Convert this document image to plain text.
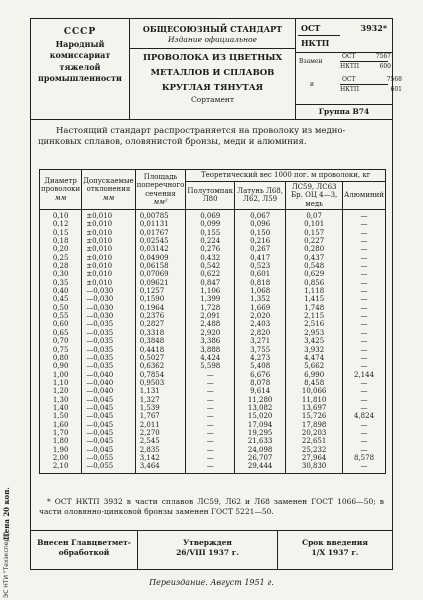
СССР
Народный
комиссариат
тяжелой
промышленности
ОБЩЕСОЮЗНЫЙ СТАНДАРТ
Издание официальное
ПРОВОЛОКА ИЗ ЦВЕТНЫХ
МЕТАЛЛОВ И СПЛАВОВ
КРУГЛАЯ ТЯНУТАЯ
Сортамент
ОСТ	3932*
НКТП
Взамен
ОСТ	7567
НКТП	600
и
ОСТ	7568
НКТП	601
Группа В74
Настоящий стандарт распространяется на проволоку из медно-цинковых сплавов, оловянистой бронзы, меди и алюминия.
Диаметр проволоки
мм	Допускаемые отклонения
мм	Площадь поперечного сечения
мм²	Теоретический вес 1000 пог. м проволоки, кг			
			Полутомпак Л80	Латунь Л68, Л62, Л59	ЛС59, ЛС63 Бр. ОЦ 4—3, медь	Алюминий
0,10	±0,010	0,00785	0,069	0,067	0,07	—
0,12	±0,010	0,01131	0,099	0,096	0,101	—
0,15	±0,010	0,01767	0,155	0,150	0,157	—
0,18	±0,010	0,02545	0,224	0,216	0,227	—
0,20	±0,010	0,03142	0,276	0,267	0,280	—
0,25	±0,010	0,04909	0,432	0,417	0,437	—
0,28	±0,010	0,06158	0,542	0,523	0,548	—
0,30	±0,010	0,07069	0,622	0,601	0,629	—
0,35	±0,010	0,09621	0,847	0,818	0,856	—
0,40	—0,030	0,1257	1,106	1,068	1,118	—
0,45	—0,030	0,1590	1,399	1,352	1,415	—
0,50	—0,030	0,1964	1,728	1,669	1,748	—
0,55	—0,030	0,2376	2,091	2,020	2,115	—
0,60	—0,035	0,2827	2,488	2,403	2,516	—
0,65	—0,035	0,3318	2,920	2,820	2,953	—
0,70	—0,035	0,3848	3,386	3,271	3,425	—
0,75	—0,035	0,4418	3,888	3,755	3,932	—
0,80	—0,035	0,5027	4,424	4,273	4,474	—
0,90	—0,035	0,6362	5,598	5,408	5,662	—
1,00	—0,040	0,7854	—	6,676	6,990	2,144
1,10	—0,040	0,9503	—	8,078	8,458	—
1,20	—0,040	1,131	—	9,614	10,066	—
1,30	—0,045	1,327	—	11,280	11,810	—
1,40	—0,045	1,539	—	13,082	13,697	—
1,50	—0,045	1,767	—	15,020	15,726	4,824
1,60	—0,045	2,011	—	17,094	17,898	—
1,70	—0,045	2,270	—	19,295	20,203	—
1,80	—0,045	2,545	—	21,633	22,651	—
1,90	—0,045	2,835	—	24,098	25,232	—
2,00	—0,055	3,142	—	26,707	27,964	8,578
2,10	—0,055	3,464	—	29,444	30,830	—
* ОСТ НКТП 3932 в части сплавов ЛС59, Л62 и Л68 заменен ГОСТ 1066—50; в части оловянно-цинковой бронзы заменен ГОСТ 5221—50.
Внесен Главцветмет-
обработкой
Утвержден
26/VIII 1937 г.
Срок введения
1/Х 1937 г.
Переиздание. Август 1951 г.
Цена 20 коп.
ЭС НТИ "Техэксперт"
